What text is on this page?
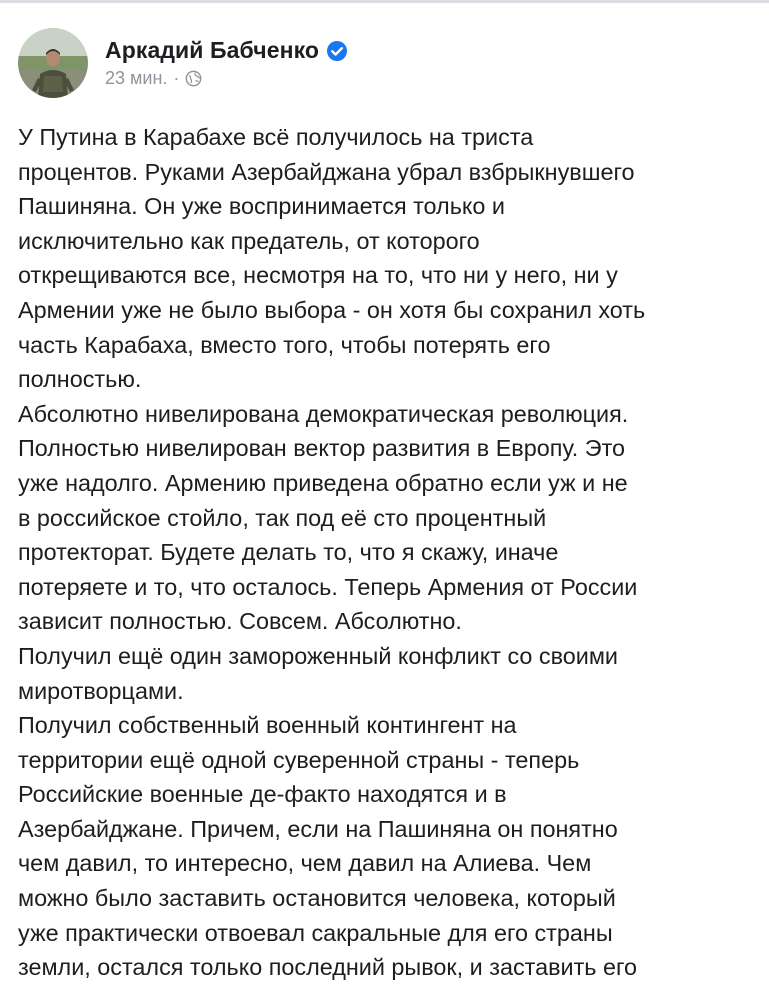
Аркадий Бабченко
23 мин. ·
У Путина в Карабахе всё получилось на триста
процентов. Руками Азербайджана убрал взбрыкнувшего
Пашиняна. Он уже воспринимается только и
исключительно как предатель, от которого
открещиваются все, несмотря на то, что ни у него, ни у
Армении уже не было выбора - он хотя бы сохранил хоть
часть Карабаха, вместо того, чтобы потерять его
полностью.
Абсолютно нивелирована демократическая революция.
Полностью нивелирован вектор развития в Европу. Это
уже надолго. Армению приведена обратно если уж и не
в российское стойло, так под её сто процентный
протекторат. Будете делать то, что я скажу, иначе
потеряете и то, что осталось. Теперь Армения от России
зависит полностью. Совсем. Абсолютно.
Получил ещё один замороженный конфликт со своими
миротворцами.
Получил собственный военный контингент на
территории ещё одной суверенной страны - теперь
Российские военные де-факто находятся и в
Азербайджане. Причем, если на Пашиняна он понятно
чем давил, то интересно, чем давил на Алиева. Чем
можно было заставить остановится человека, который
уже практически отвоевал сакральные для его страны
земли, остался только последний рывок, и заставить его
